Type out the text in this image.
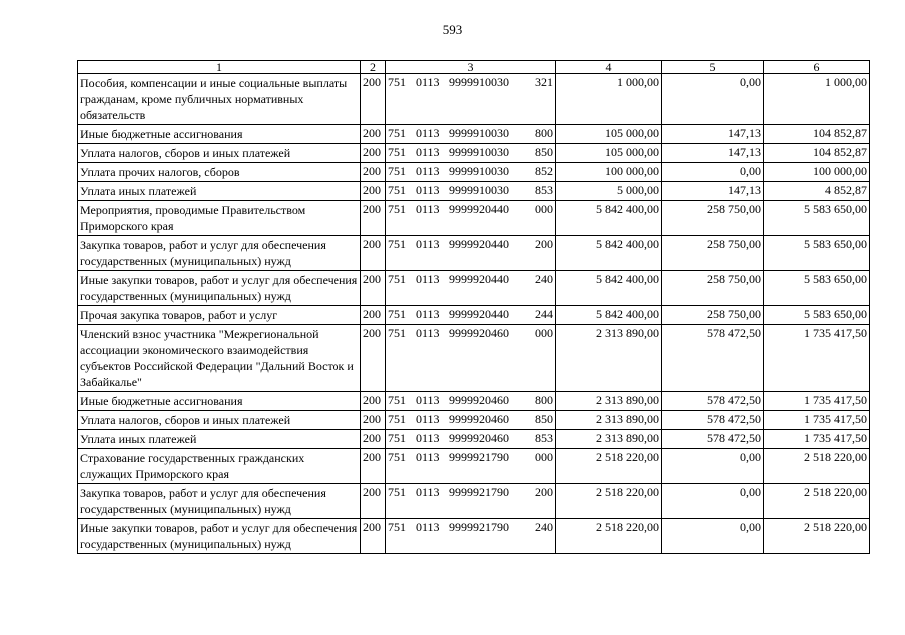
593
1	2	3	4	5	6
Пособия, компенсации и иные социальные выплаты гражданам, кроме публичных нормативных обязательств	200	751 0113 9999910030 321	1 000,00	0,00	1 000,00
Иные бюджетные ассигнования	200	751 0113 9999910030 800	105 000,00	147,13	104 852,87
Уплата налогов, сборов и иных платежей	200	751 0113 9999910030 850	105 000,00	147,13	104 852,87
Уплата прочих налогов, сборов	200	751 0113 9999910030 852	100 000,00	0,00	100 000,00
Уплата иных платежей	200	751 0113 9999910030 853	5 000,00	147,13	4 852,87
Мероприятия, проводимые Правительством Приморского края	200	751 0113 9999920440 000	5 842 400,00	258 750,00	5 583 650,00
Закупка товаров, работ и услуг для обеспечения государственных (муниципальных) нужд	200	751 0113 9999920440 200	5 842 400,00	258 750,00	5 583 650,00
Иные закупки товаров, работ и услуг для обеспечения государственных (муниципальных) нужд	200	751 0113 9999920440 240	5 842 400,00	258 750,00	5 583 650,00
Прочая закупка товаров, работ и услуг	200	751 0113 9999920440 244	5 842 400,00	258 750,00	5 583 650,00
Членский взнос участника "Межрегиональной ассоциации экономического взаимодействия субъектов Российской Федерации "Дальний Восток и Забайкалье"	200	751 0113 9999920460 000	2 313 890,00	578 472,50	1 735 417,50
Иные бюджетные ассигнования	200	751 0113 9999920460 800	2 313 890,00	578 472,50	1 735 417,50
Уплата налогов, сборов и иных платежей	200	751 0113 9999920460 850	2 313 890,00	578 472,50	1 735 417,50
Уплата иных платежей	200	751 0113 9999920460 853	2 313 890,00	578 472,50	1 735 417,50
Страхование государственных гражданских служащих Приморского края	200	751 0113 9999921790 000	2 518 220,00	0,00	2 518 220,00
Закупка товаров, работ и услуг для обеспечения государственных (муниципальных) нужд	200	751 0113 9999921790 200	2 518 220,00	0,00	2 518 220,00
Иные закупки товаров, работ и услуг для обеспечения государственных (муниципальных) нужд	200	751 0113 9999921790 240	2 518 220,00	0,00	2 518 220,00
